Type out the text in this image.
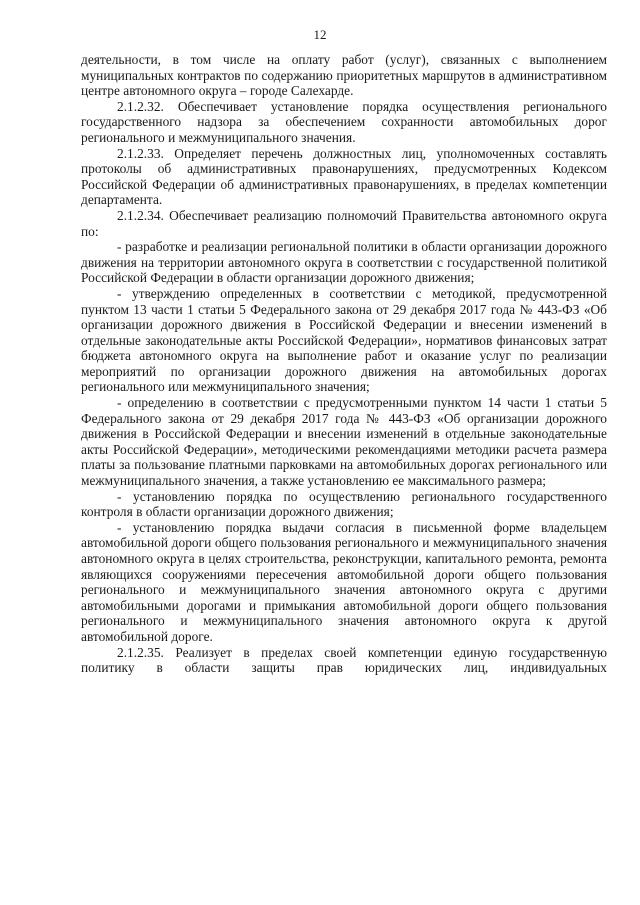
12

деятельности, в том числе на оплату работ (услуг), связанных с выполнением муниципальных контрактов по содержанию приоритетных маршрутов в административном центре автономного округа – городе Салехарде.

2.1.2.32. Обеспечивает установление порядка осуществления регионального государственного надзора за обеспечением сохранности автомобильных дорог регионального и межмуниципального значения.

2.1.2.33. Определяет перечень должностных лиц, уполномоченных составлять протоколы об административных правонарушениях, предусмотренных Кодексом Российской Федерации об административных правонарушениях, в пределах компетенции департамента.

2.1.2.34. Обеспечивает реализацию полномочий Правительства автономного округа по:

- разработке и реализации региональной политики в области организации дорожного движения на территории автономного округа в соответствии с государственной политикой Российской Федерации в области организации дорожного движения;

- утверждению определенных в соответствии с методикой, предусмотренной пунктом 13 части 1 статьи 5 Федерального закона от 29 декабря 2017 года № 443-ФЗ «Об организации дорожного движения в Российской Федерации и внесении изменений в отдельные законодательные акты Российской Федерации», нормативов финансовых затрат бюджета автономного округа на выполнение работ и оказание услуг по реализации мероприятий по организации дорожного движения на автомобильных дорогах регионального или межмуниципального значения;

- определению в соответствии с предусмотренными пунктом 14 части 1 статьи 5 Федерального закона от 29 декабря 2017 года № 443-ФЗ «Об организации дорожного движения в Российской Федерации и внесении изменений в отдельные законодательные акты Российской Федерации», методическими рекомендациями методики расчета размера платы за пользование платными парковками на автомобильных дорогах регионального или межмуниципального значения, а также установлению ее максимального размера;

- установлению порядка по осуществлению регионального государственного контроля в области организации дорожного движения;

- установлению порядка выдачи согласия в письменной форме владельцем автомобильной дороги общего пользования регионального и межмуниципального значения автономного округа в целях строительства, реконструкции, капитального ремонта, ремонта являющихся сооружениями пересечения автомобильной дороги общего пользования регионального и межмуниципального значения автономного округа с другими автомобильными дорогами и примыкания автомобильной дороги общего пользования регионального и межмуниципального значения автономного округа к другой автомобильной дороге.

2.1.2.35. Реализует в пределах своей компетенции единую государственную политику в области защиты прав юридических лиц, индивидуальных
